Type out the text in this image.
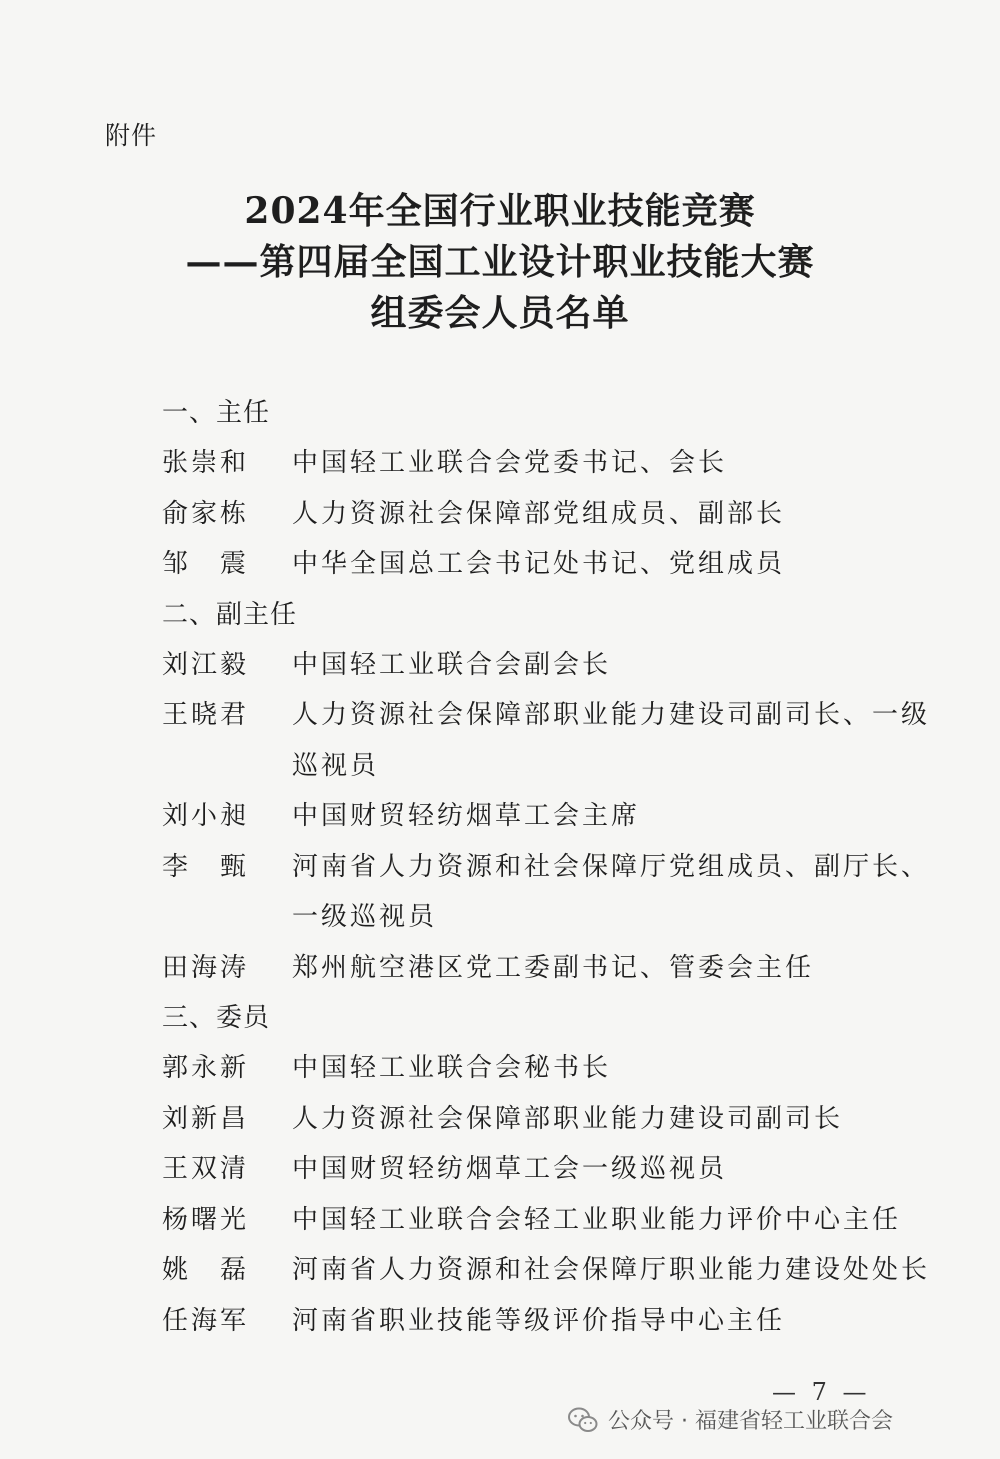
附件
2024年全国行业职业技能竞赛
——第四届全国工业设计职业技能大赛
组委会人员名单
一、主任
张崇和	中国轻工业联合会党委书记、会长
俞家栋	人力资源社会保障部党组成员、副部长
邹　震	中华全国总工会书记处书记、党组成员
二、副主任
刘江毅	中国轻工业联合会副会长
王晓君	人力资源社会保障部职业能力建设司副司长、一级巡视员
刘小昶	中国财贸轻纺烟草工会主席
李　甄	河南省人力资源和社会保障厅党组成员、副厅长、一级巡视员
田海涛	郑州航空港区党工委副书记、管委会主任
三、委员
郭永新	中国轻工业联合会秘书长
刘新昌	人力资源社会保障部职业能力建设司副司长
王双清	中国财贸轻纺烟草工会一级巡视员
杨曙光	中国轻工业联合会轻工业职业能力评价中心主任
姚　磊	河南省人力资源和社会保障厅职业能力建设处处长
任海军	河南省职业技能等级评价指导中心主任
— 7 —
公众号 · 福建省轻工业联合会
